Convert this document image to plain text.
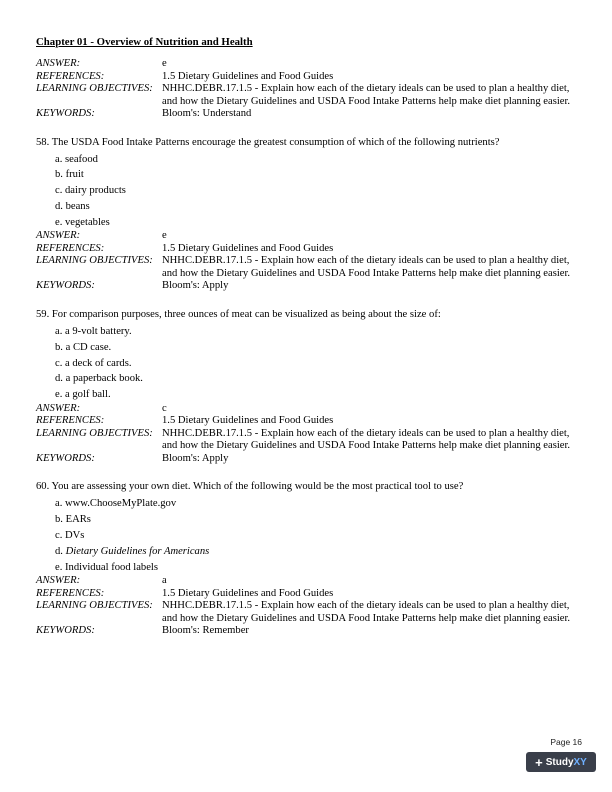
Chapter 01 - Overview of Nutrition and Health
ANSWER:	e
REFERENCES:	1.5 Dietary Guidelines and Food Guides
LEARNING OBJECTIVES: NHHC.DEBR.17.1.5 - Explain how each of the dietary ideals can be used to plan a healthy diet, and how the Dietary Guidelines and USDA Food Intake Patterns help make diet planning easier.
KEYWORDS:	Bloom's: Understand
58. The USDA Food Intake Patterns encourage the greatest consumption of which of the following nutrients?
a. seafood
b. fruit
c. dairy products
d. beans
e. vegetables
ANSWER:	e
REFERENCES:	1.5 Dietary Guidelines and Food Guides
LEARNING OBJECTIVES: NHHC.DEBR.17.1.5 - Explain how each of the dietary ideals can be used to plan a healthy diet, and how the Dietary Guidelines and USDA Food Intake Patterns help make diet planning easier.
KEYWORDS:	Bloom's: Apply
59. For comparison purposes, three ounces of meat can be visualized as being about the size of:
a. a 9-volt battery.
b. a CD case.
c. a deck of cards.
d. a paperback book.
e. a golf ball.
ANSWER:	c
REFERENCES:	1.5 Dietary Guidelines and Food Guides
LEARNING OBJECTIVES: NHHC.DEBR.17.1.5 - Explain how each of the dietary ideals can be used to plan a healthy diet, and how the Dietary Guidelines and USDA Food Intake Patterns help make diet planning easier.
KEYWORDS:	Bloom's: Apply
60. You are assessing your own diet. Which of the following would be the most practical tool to use?
a. www.ChooseMyPlate.gov
b. EARs
c. DVs
d. Dietary Guidelines for Americans
e. Individual food labels
ANSWER:	a
REFERENCES:	1.5 Dietary Guidelines and Food Guides
LEARNING OBJECTIVES: NHHC.DEBR.17.1.5 - Explain how each of the dietary ideals can be used to plan a healthy diet, and how the Dietary Guidelines and USDA Food Intake Patterns help make diet planning easier.
KEYWORDS:	Bloom's: Remember
Page 16
+ Study XY
